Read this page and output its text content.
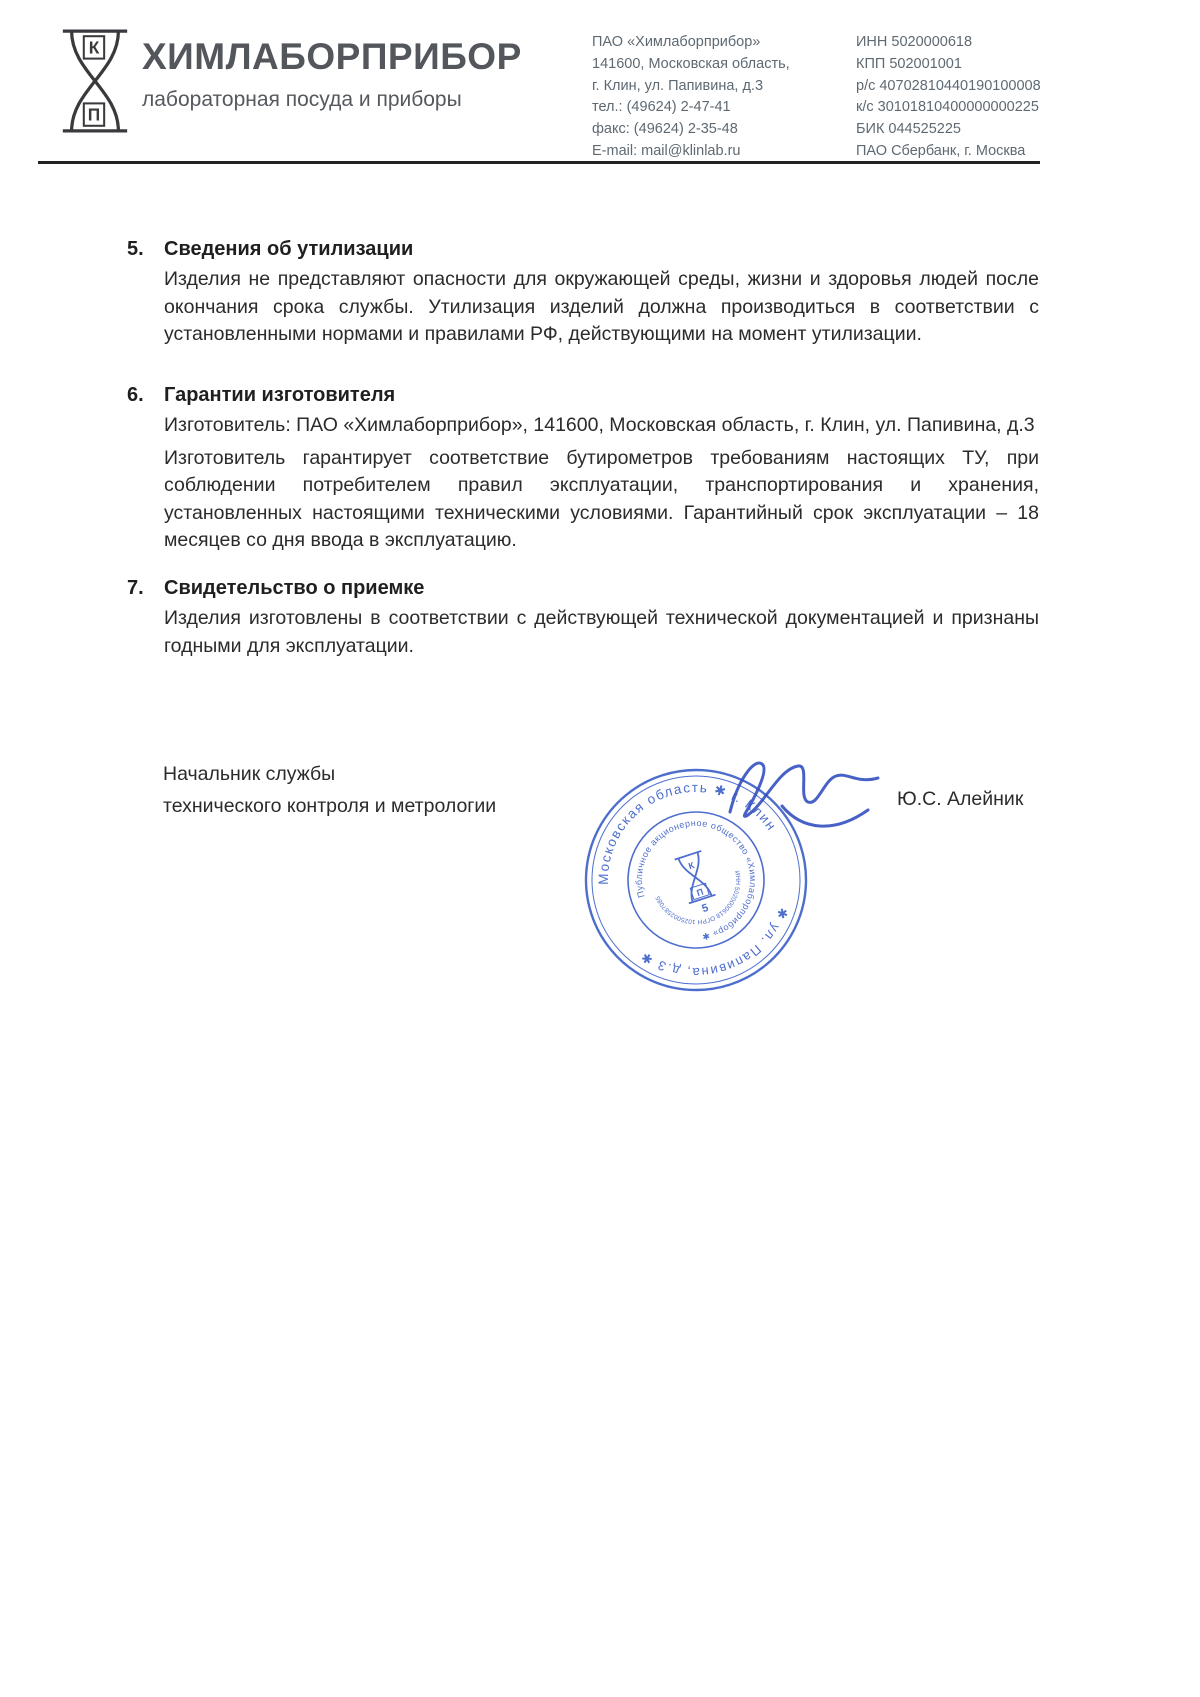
К
П
ХИМЛАБОРПРИБОР
лабораторная посуда и приборы
ПАО «Химлаборприбор»
141600, Московская область,
г. Клин, ул. Папивина, д.3
тел.: (49624) 2-47-41
факс: (49624) 2-35-48
E-mail: mail@klinlab.ru
ИНН 5020000618
КПП 502001001
р/с 40702810440190100008
к/с 30101810400000000225
БИК 044525225
ПАО Сбербанк, г. Москва
5.	Сведения об утилизации

Изделия не представляют опасности для окружающей среды, жизни и здоровья людей после окончания срока службы. Утилизация изделий должна производиться в соответствии с установленными нормами и правилами РФ, действующими на момент утилизации.

6.	Гарантии изготовителя

Изготовитель: ПАО «Химлаборприбор», 141600, Московская область, г. Клин, ул. Папивина, д.3

Изготовитель гарантирует соответствие бутирометров требованиям настоящих ТУ, при соблюдении потребителем правил эксплуатации, транспортирования и хранения, установленных настоящими техническими условиями. Гарантийный срок эксплуатации – 18 месяцев со дня ввода в эксплуатацию.

7.	Свидетельство о приемке

Изделия изготовлены в соответствии с действующей технической документацией и признаны годными для эксплуатации.

Начальник службы
технического контроля и метрологии	Ю.С. Алейник
Московская область ✱ г. Клин
✱ ул. Папивина, д.3 ✱
Публичное акционерное общество «Химлаборприбор» ✱
ИНН 5020000618 ОГРН 1025002587085
К
П
5
